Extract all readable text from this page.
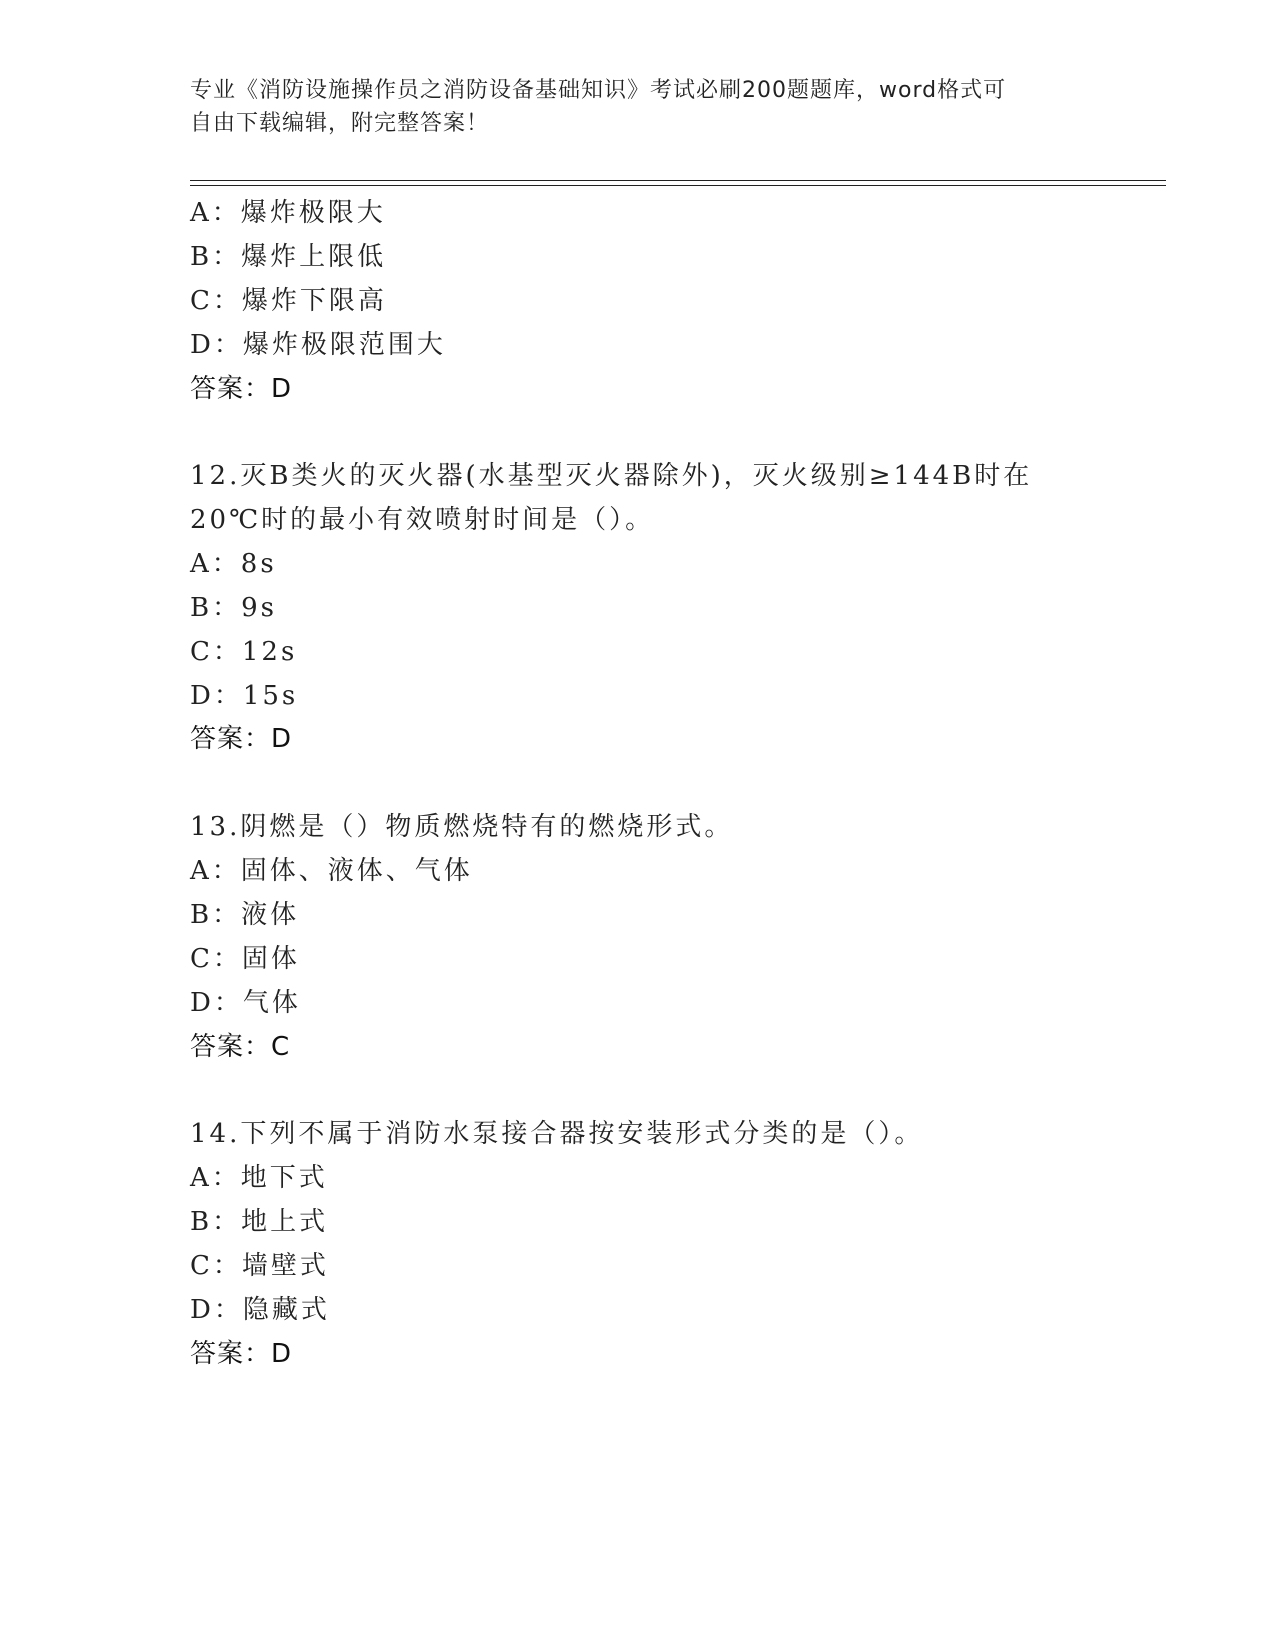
专业《消防设施操作员之消防设备基础知识》考试必刷200题题库，word格式可
自由下载编辑，附完整答案！
A：爆炸极限大
B：爆炸上限低
C：爆炸下限高
D：爆炸极限范围大
答案：D
12.灭B类火的灭火器(水基型灭火器除外)，灭火级别≥144B时在
20℃时的最小有效喷射时间是（）。
A：8s
B：9s
C：12s
D：15s
答案：D
13.阴燃是（）物质燃烧特有的燃烧形式。
A：固体、液体、气体
B：液体
C：固体
D：气体
答案：C
14.下列不属于消防水泵接合器按安装形式分类的是（）。
A：地下式
B：地上式
C：墙壁式
D：隐藏式
答案：D
